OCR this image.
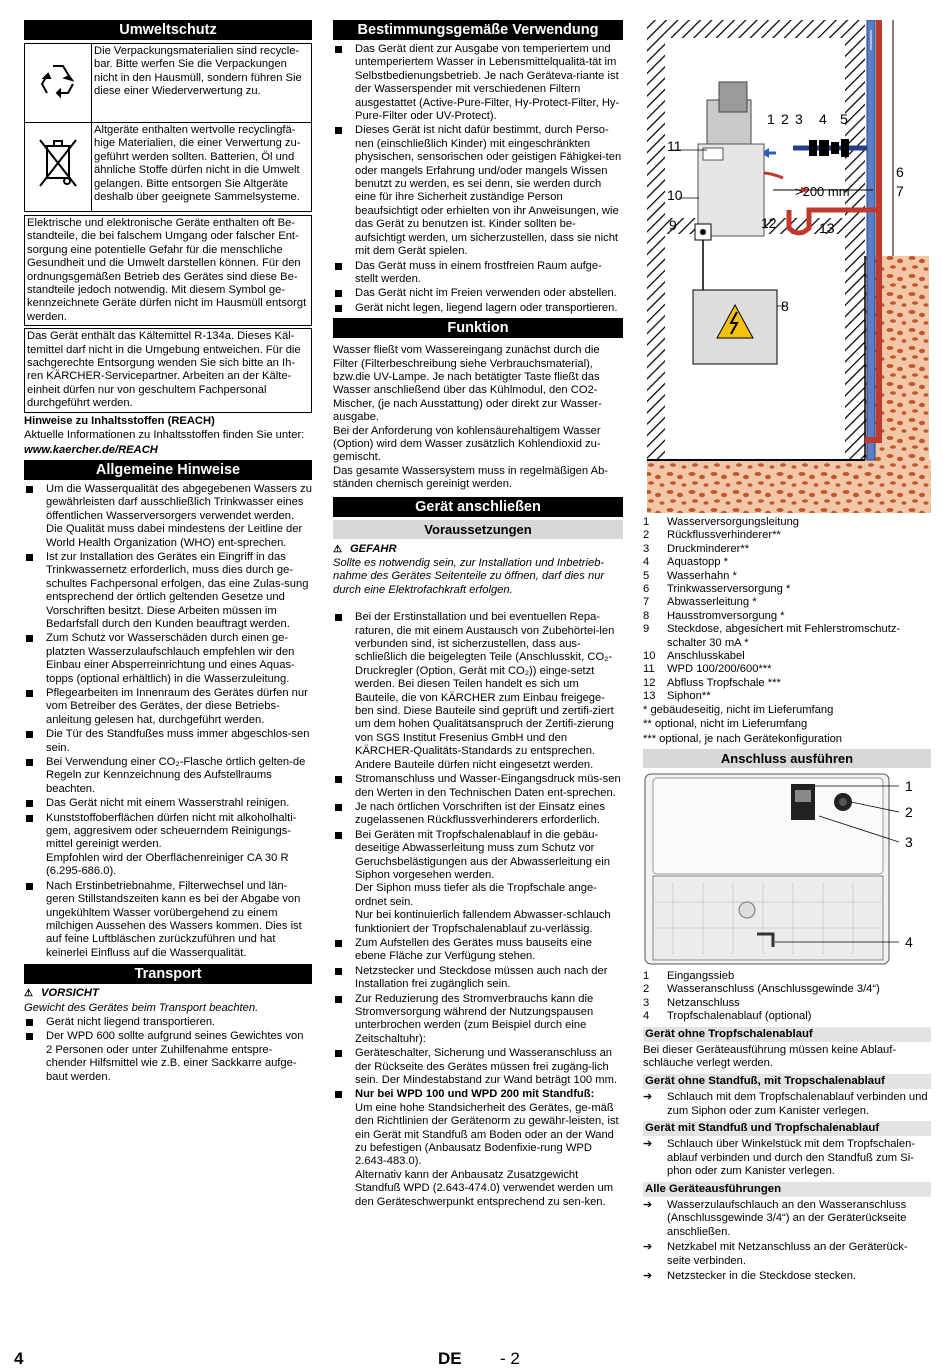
Umweltschutz
	Die Verpackungsmaterialien sind recycle-bar. Bitte werfen Sie die Verpackungen nicht in den Hausmüll, sondern führen Sie diese einer Wiederverwertung zu.
	Altgeräte enthalten wertvolle recyclingfä-hige Materialien, die einer Verwertung zu-geführt werden sollten. Batterien, Öl und ähnliche Stoffe dürfen nicht in die Umwelt gelangen. Bitte entsorgen Sie Altgeräte deshalb über geeignete Sammelsysteme.
Elektrische und elektronische Geräte enthalten oft Be-standteile, die bei falschem Umgang oder falscher Ent-sorgung eine potentielle Gefahr für die menschliche Gesundheit und die Umwelt darstellen können. Für den ordnungsgemäßen Betrieb des Gerätes sind diese Be-standteile jedoch notwendig. Mit diesem Symbol ge-kennzeichnete Geräte dürfen nicht im Hausmüll entsorgt werden.
Das Gerät enthält das Kältemittel R-134a. Dieses Käl-temittel darf nicht in die Umgebung entweichen. Für die sachgerechte Entsorgung wenden Sie sich bitte an Ih-ren KÄRCHER-Servicepartner. Arbeiten an der Kälte-einheit dürfen nur von geschultem Fachpersonal durchgeführt werden.

Hinweise zu Inhaltsstoffen (REACH)

Aktuelle Informationen zu Inhaltsstoffen finden Sie unter:

www.kaercher.de/REACH

Allgemeine Hinweise
Um die Wasserqualität des abgegebenen Wassers zu gewährleisten darf ausschließlich Trinkwasser eines öffentlichen Wasserversorgers verwendet werden. Die Qualität muss dabei mindestens der Leitline der World Health Organization (WHO) ent-sprechen.
Ist zur Installation des Gerätes ein Eingriff in das Trinkwassernetz erforderlich, muss dies durch ge-schultes Fachpersonal erfolgen, das eine Zulas-sung entsprechend der örtlich geltenden Gesetze und Vorschriften besitzt. Diese Arbeiten müssen im Bedarfsfall durch den Kunden beauftragt werden.
Zum Schutz vor Wasserschäden durch einen ge-platzten Wasserzulaufschlauch empfehlen wir den Einbau einer Absperreinrichtung und eines Aquas-topps (optional erhältlich) in die Wasserzuleitung.
Pflegearbeiten im Innenraum des Gerätes dürfen nur vom Betreiber des Gerätes, der diese Betriebs-anleitung gelesen hat, durchgeführt werden.
Die Tür des Standfußes muss immer abgeschlos-sen sein.
Bei Verwendung einer CO₂-Flasche örtlich gelten-de Regeln zur Kennzeichnung des Aufstellraums beachten.
Das Gerät nicht mit einem Wasserstrahl reinigen.
Kunststoffoberflächen dürfen nicht mit alkoholhalti-gem, aggresivem oder scheuerndem Reinigungs-mittel gereinigt werden.
Empfohlen wird der Oberflächenreiniger CA 30 R (6.295-686.0).
Nach Erstinbetriebnahme, Filterwechsel und län-geren Stillstandszeiten kann es bei der Abgabe von ungekühltem Wasser vorübergehend zu einem milchigen Aussehen des Wassers kommen. Dies ist auf feine Luftbläschen zurückzuführen und hat keinerlei Einfluss auf die Wasserqualität.
Transport

⚠ VORSICHT

Gewicht des Gerätes beim Transport beachten.

Gerät nicht liegend transportieren.
Der WPD 600 sollte aufgrund seines Gewichtes von 2 Personen oder unter Zuhilfenahme entspre-chender Hilfsmittel wie z.B. einer Sackkarre aufge-baut werden.
Bestimmungsgemäße Verwendung
Das Gerät dient zur Ausgabe von temperiertem und untemperiertem Wasser in Lebensmittelqualitä-tät im Selbstbedienungsbetrieb. Je nach Geräteva-riante ist der Wasserspender mit verschiedenen Filtern ausgestattet (Active-Pure-Filter, Hy-Protect-Filter, Hy-Pure-Filter oder UV-Protect).
Dieses Gerät ist nicht dafür bestimmt, durch Perso-nen (einschließlich Kinder) mit eingeschränkten physischen, sensorischen oder geistigen Fähigkei-ten oder mangels Erfahrung und/oder mangels Wissen benutzt zu werden, es sei denn, sie werden durch eine für ihre Sicherheit zuständige Person beaufsichtigt oder erhielten von ihr Anweisungen, wie das Gerät zu benutzen ist. Kinder sollten be-aufsichtigt werden, um sicherzustellen, dass sie nicht mit dem Gerät spielen.
Das Gerät muss in einem frostfreien Raum aufge-stellt werden.
Das Gerät nicht im Freien verwenden oder abstellen.
Gerät nicht legen, liegend lagern oder transportieren.
Funktion

Wasser fließt vom Wassereingang zunächst durch die Filter (Filterbeschreibung siehe Verbrauchsmaterial), bzw.die UV-Lampe. Je nach betätigter Taste fließt das Wasser anschließend über das Kühlmodul, den CO2-Mischer, (je nach Ausstattung) oder direkt zur Wasser-ausgabe.
Bei der Anforderung von kohlensäurehaltigem Wasser (Option) wird dem Wasser zusätzlich Kohlendioxid zu-gemischt.
Das gesamte Wassersystem muss in regelmäßigen Ab-ständen chemisch gereinigt werden.

Gerät anschließen
Voraussetzungen

⚠ GEFAHR

Sollte es notwendig sein, zur Installation und Inbetrieb-nahme des Gerätes Seitenteile zu öffnen, darf dies nur durch eine Elektrofachkraft erfolgen.

Bei der Erstinstallation und bei eventuellen Repa-raturen, die mit einem Austausch von Zubehörtei-len verbunden sind, ist sicherzustellen, dass aus-schließlich die beigelegten Teile (Anschlusskit, CO₂-Druckregler (Option, Gerät mit CO₂)) einge-setzt werden. Bei diesen Teilen handelt es sich um Bauteile, die von KÄRCHER zum Einbau freigege-ben sind. Diese Bauteile sind geprüft und zertifi-ziert um dem hohen Qualitätsanspruch der Zertifi-zierung von SGS Institut Fresenius GmbH und den KÄRCHER-Qualitäts-Standards zu entsprechen. Andere Bauteile dürfen nicht eingesetzt werden.
Stromanschluss und Wasser-Eingangsdruck müs-sen den Werten in den Technischen Daten ent-sprechen.
Je nach örtlichen Vorschriften ist der Einsatz eines zugelassenen Rückflussverhinderers erforderlich.
Bei Geräten mit Tropfschalenablauf in die gebäu-deseitige Abwasserleitung muss zum Schutz vor Geruchsbelästigungen aus der Abwasserleitung ein Siphon vorgesehen werden.
Der Siphon muss tiefer als die Tropfschale ange-ordnet sein.
Nur bei kontinuierlich fallendem Abwasser-schlauch funktioniert der Tropfschalenablauf zu-verlässig.
Zum Aufstellen des Gerätes muss bauseits eine ebene Fläche zur Verfügung stehen.
Netzstecker und Steckdose müssen auch nach der Installation frei zugänglich sein.
Zur Reduzierung des Stromverbrauchs kann die Stromversorgung während der Nutzungspausen unterbrochen werden (zum Beispiel durch eine Zeitschaltuhr):
Geräteschalter, Sicherung und Wasseranschluss an der Rückseite des Gerätes müssen frei zugäng-lich sein. Der Mindestabstand zur Wand beträgt 100 mm.
Nur bei WPD 100 und WPD 200 mit Standfuß:
Um eine hohe Standsicherheit des Gerätes, ge-mäß den Richtlinien der Gerätenorm zu gewähr-leisten, ist ein Gerät mit Standfuß am Boden oder an der Wand zu befestigen (Anbausatz Bodenfixie-rung WPD 2.643-483.0).
Alternativ kann der Anbausatz Zusatzgewicht Standfuß WPD (2.643-474.0) verwendet werden um den Geräteschwerpunkt entsprechend zu sen-ken.
1 2 3 4 5
6
7
8
9
10
11
12	13
>200 mm
1	Wasserversorgungsleitung
2	Rückflussverhinderer**
3	Druckminderer**
4	Aquastopp *
5	Wasserhahn *
6	Trinkwasserversorgung *
7	Abwasserleitung *
8	Hausstromversorgung *
9	Steckdose, abgesichert mit Fehlerstromschutz-schalter 30 mA *
10	Anschlusskabel
11	WPD 100/200/600***
12	Abfluss Tropfschale ***
13	Siphon**

* gebäudeseitig, nicht im Lieferumfang

** optional, nicht im Lieferumfang

*** optional, je nach Gerätekonfiguration

Anschluss ausführen
1
2
3
4
1	Eingangssieb
2	Wasseranschluss (Anschlussgewinde 3/4“)
3	Netzanschluss
4	Tropfschalenablauf (optional)
Gerät ohne Tropfschalenablauf

Bei dieser Geräteausführung müssen keine Ablauf-schläuche verlegt werden.

Gerät ohne Standfuß, mit Tropschalenablauf
➔ Schlauch mit dem Tropfschalenablauf verbinden und zum Siphon oder zum Kanister verlegen.
Gerät mit Standfuß und Tropfschalenablauf
➔ Schlauch über Winkelstück mit dem Tropfschalen-ablauf verbinden und durch den Standfuß zum Si-phon oder zum Kanister verlegen.
Alle Geräteausführungen
➔ Wasserzulaufschlauch an den Wasseranschluss (Anschlussgewinde 3/4“) an der Geräterückseite anschließen.
➔ Netzkabel mit Netzanschluss an der Geräterück-seite verbinden.
➔ Netzstecker in die Steckdose stecken.
4	DE - 2
